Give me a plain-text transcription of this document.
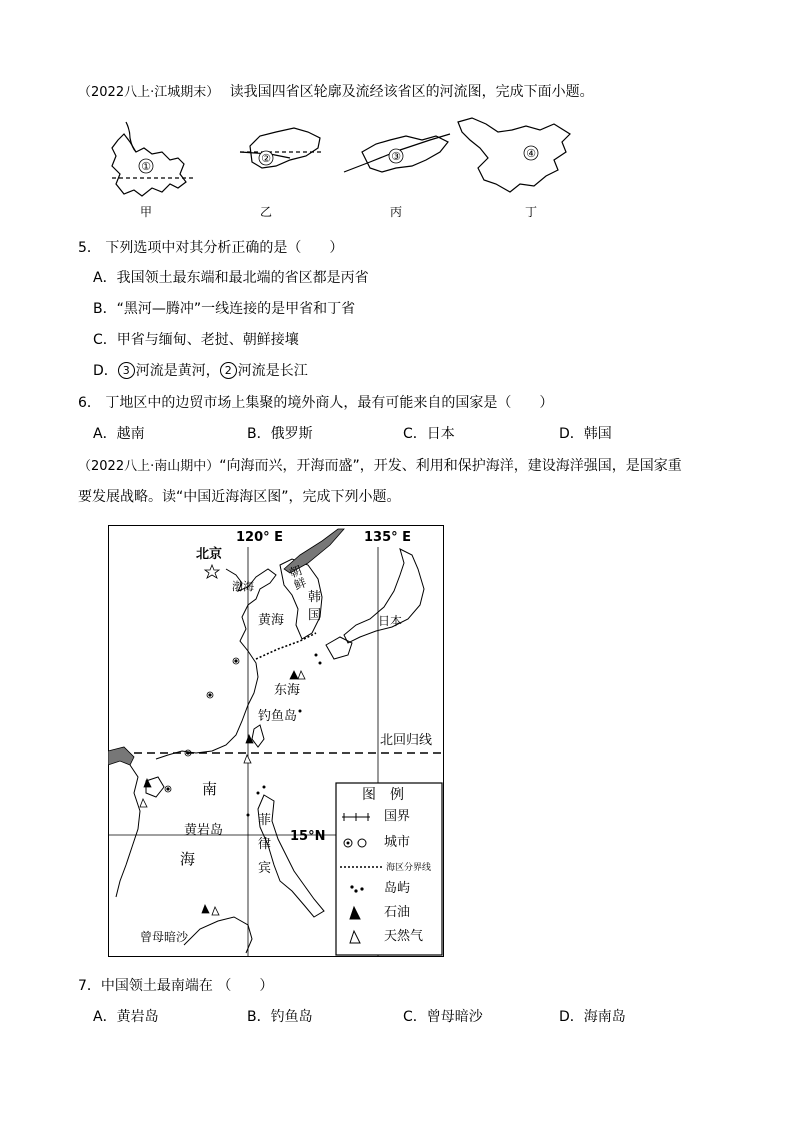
（2022八上·江城期末） 读我国四省区轮廓及流经该省区的河流图，完成下面小题。
①
②	③	④
甲	乙	丙	丁
5． 下列选项中对其分析正确的是（　　）
A．我国领土最东端和最北端的省区都是丙省
B．“黑河—腾冲”一线连接的是甲省和丁省
C．甲省与缅甸、老挝、朝鲜接壤
D． 3 河流是黄河， 2 河流是长江
6． 丁地区中的边贸市场上集聚的境外商人，最有可能来自的国家是（　　）
A．越南	B．俄罗斯	C．日本	D．韩国
（2022八上·南山期中）“向海而兴，开海而盛”，开发、利用和保护海洋，建设海洋强国，是国家重
要发展战略。读“中国近海海区图”，完成下列小题。
120° E	135° E
北京
渤海
朝鲜
韩国
黄海	日本
东海
钓鱼岛
北回归线
南
黄岩岛	15°N
海
菲律宾
曾母暗沙
图　例
国界
城市
海区分界线
岛屿
石油
天然气
7．中国领土最南端在 （　　）
A．黄岩岛	B．钓鱼岛	C．曾母暗沙	D．海南岛
